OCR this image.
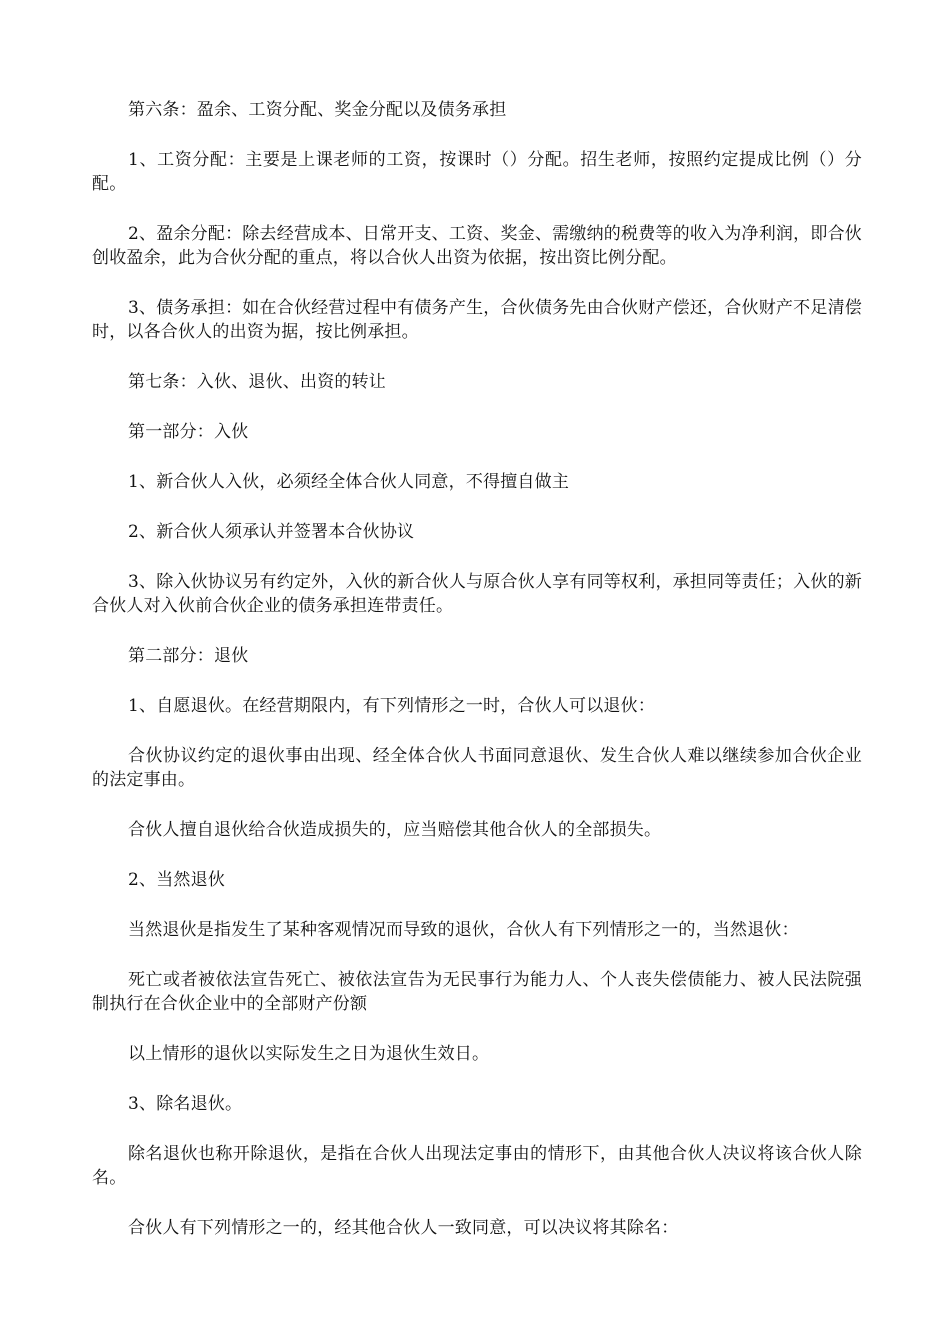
第六条：盈余、工资分配、奖金分配以及债务承担

1、工资分配：主要是上课老师的工资，按课时（）分配。招生老师，按照约定提成比例（）分配。

2、盈余分配：除去经营成本、日常开支、工资、奖金、需缴纳的税费等的收入为净利润，即合伙创收盈余，此为合伙分配的重点，将以合伙人出资为依据，按出资比例分配。

3、债务承担：如在合伙经营过程中有债务产生，合伙债务先由合伙财产偿还，合伙财产不足清偿时，以各合伙人的出资为据，按比例承担。

第七条：入伙、退伙、出资的转让

第一部分：入伙

1、新合伙人入伙，必须经全体合伙人同意，不得擅自做主

2、新合伙人须承认并签署本合伙协议

3、除入伙协议另有约定外，入伙的新合伙人与原合伙人享有同等权利，承担同等责任；入伙的新合伙人对入伙前合伙企业的债务承担连带责任。

第二部分：退伙

1、自愿退伙。在经营期限内，有下列情形之一时，合伙人可以退伙：

合伙协议约定的退伙事由出现、经全体合伙人书面同意退伙、发生合伙人难以继续参加合伙企业的法定事由。

合伙人擅自退伙给合伙造成损失的，应当赔偿其他合伙人的全部损失。

2、当然退伙

当然退伙是指发生了某种客观情况而导致的退伙，合伙人有下列情形之一的，当然退伙：

死亡或者被依法宣告死亡、被依法宣告为无民事行为能力人、个人丧失偿债能力、被人民法院强制执行在合伙企业中的全部财产份额

以上情形的退伙以实际发生之日为退伙生效日。

3、除名退伙。

除名退伙也称开除退伙，是指在合伙人出现法定事由的情形下，由其他合伙人决议将该合伙人除名。

合伙人有下列情形之一的，经其他合伙人一致同意，可以决议将其除名：
